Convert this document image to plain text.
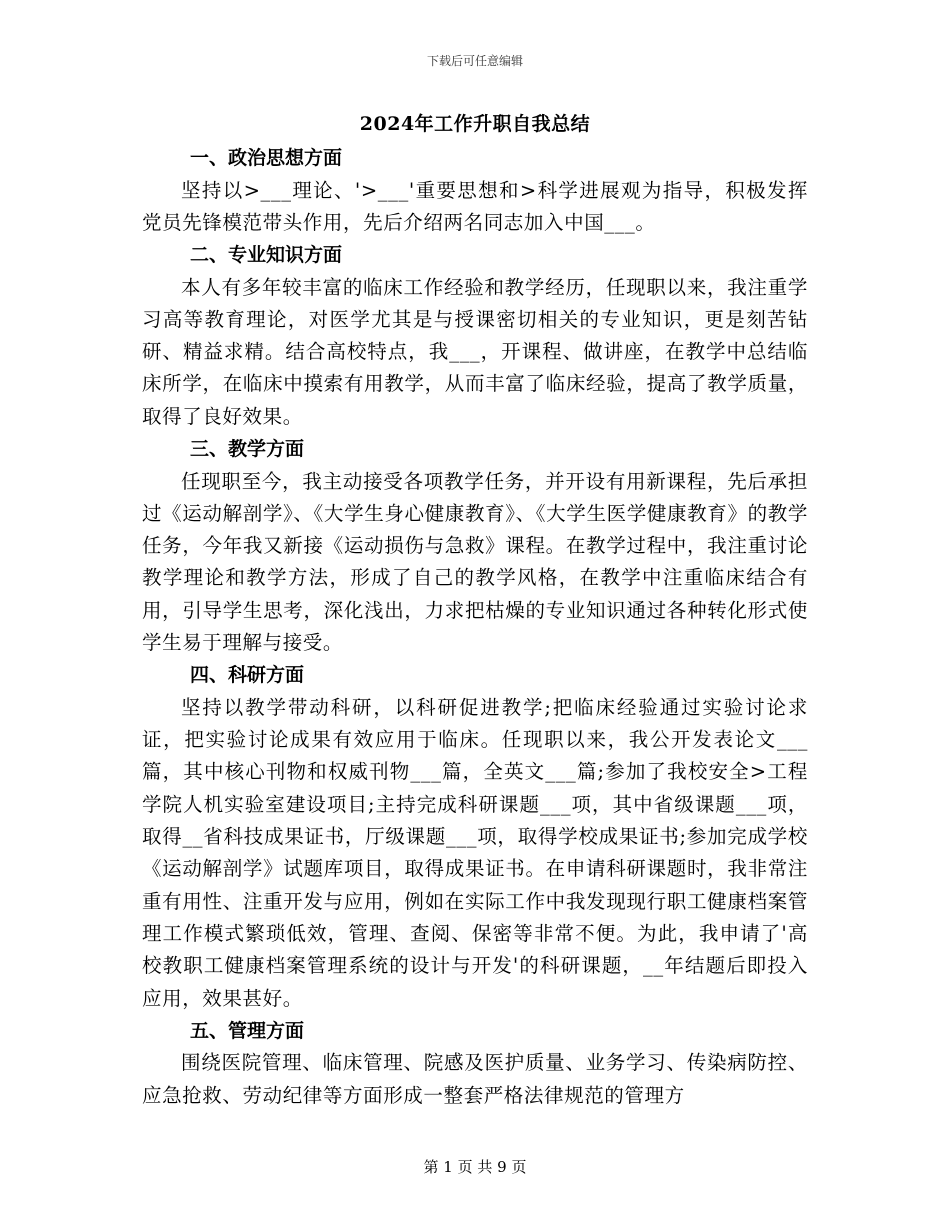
下载后可任意编辑
2024年工作升职自我总结
一、政治思想方面

坚持以>___理论、'>___'重要思想和>科学进展观为指导，积极发挥党员先锋模范带头作用，先后介绍两名同志加入中国___。

二、专业知识方面

本人有多年较丰富的临床工作经验和教学经历，任现职以来，我注重学习高等教育理论，对医学尤其是与授课密切相关的专业知识，更是刻苦钻研、精益求精。结合高校特点，我___，开课程、做讲座，在教学中总结临床所学，在临床中摸索有用教学，从而丰富了临床经验，提高了教学质量，取得了良好效果。

三、教学方面

任现职至今，我主动接受各项教学任务，并开设有用新课程，先后承担过《运动解剖学》、《大学生身心健康教育》、《大学生医学健康教育》的教学任务，今年我又新接《运动损伤与急救》课程。在教学过程中，我注重讨论教学理论和教学方法，形成了自己的教学风格，在教学中注重临床结合有用，引导学生思考，深化浅出，力求把枯燥的专业知识通过各种转化形式使学生易于理解与接受。

四、科研方面

坚持以教学带动科研，以科研促进教学;把临床经验通过实验讨论求证，把实验讨论成果有效应用于临床。任现职以来，我公开发表论文___篇，其中核心刊物和权威刊物___篇，全英文___篇;参加了我校安全>工程学院人机实验室建设项目;主持完成科研课题___项，其中省级课题___项，取得__省科技成果证书，厅级课题___项，取得学校成果证书;参加完成学校《运动解剖学》试题库项目，取得成果证书。在申请科研课题时，我非常注重有用性、注重开发与应用，例如在实际工作中我发现现行职工健康档案管理工作模式繁琐低效，管理、查阅、保密等非常不便。为此，我申请了'高校教职工健康档案管理系统的设计与开发'的科研课题，__年结题后即投入应用，效果甚好。

五、管理方面

围绕医院管理、临床管理、院感及医护质量、业务学习、传染病防控、应急抢救、劳动纪律等方面形成一整套严格法律规范的管理方

第 1 页 共 9 页
